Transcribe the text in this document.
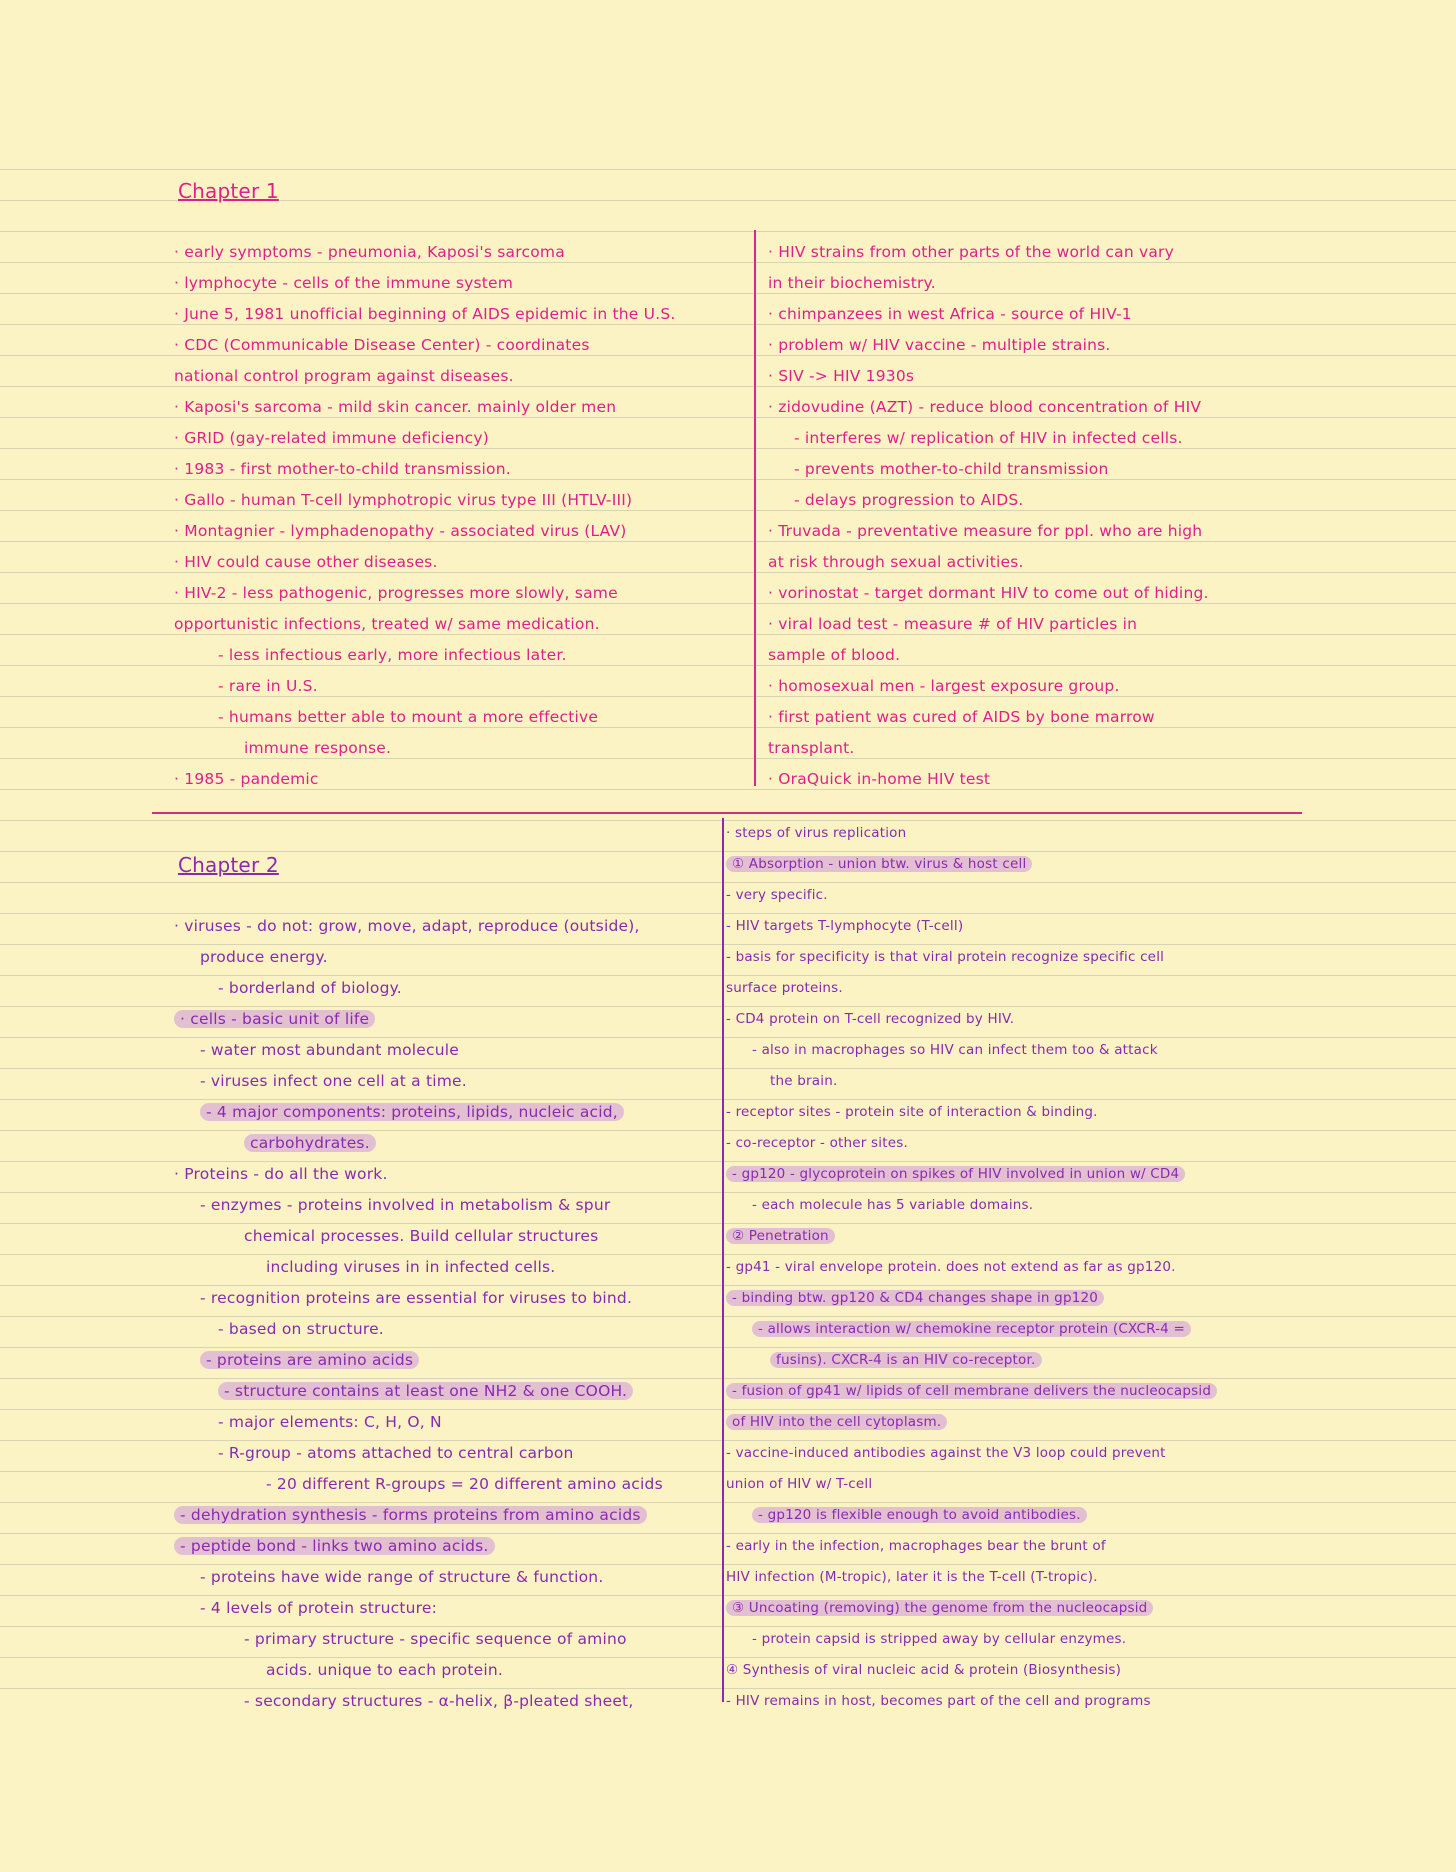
Chapter 1
· early symptoms - pneumonia, Kaposi's sarcoma
· lymphocyte - cells of the immune system
· June 5, 1981 unofficial beginning of AIDS epidemic in the U.S.
· CDC (Communicable Disease Center) - coordinates
national control program against diseases.
· Kaposi's sarcoma - mild skin cancer. mainly older men
· GRID (gay-related immune deficiency)
· 1983 - first mother-to-child transmission.
· Gallo - human T-cell lymphotropic virus type III (HTLV-III)
· Montagnier - lymphadenopathy - associated virus (LAV)
· HIV could cause other diseases.
· HIV-2 - less pathogenic, progresses more slowly, same
opportunistic infections, treated w/ same medication.
- less infectious early, more infectious later.
- rare in U.S.
- humans better able to mount a more effective
immune response.
· 1985 - pandemic
· HIV strains from other parts of the world can vary
in their biochemistry.
· chimpanzees in west Africa - source of HIV-1
· problem w/ HIV vaccine - multiple strains.
· SIV -> HIV 1930s
· zidovudine (AZT) - reduce blood concentration of HIV
- interferes w/ replication of HIV in infected cells.
- prevents mother-to-child transmission
- delays progression to AIDS.
· Truvada - preventative measure for ppl. who are high
at risk through sexual activities.
· vorinostat - target dormant HIV to come out of hiding.
· viral load test - measure # of HIV particles in
sample of blood.
· homosexual men - largest exposure group.
· first patient was cured of AIDS by bone marrow
transplant.
· OraQuick in-home HIV test
Chapter 2
· viruses - do not: grow, move, adapt, reproduce (outside),
produce energy.
- borderland of biology.
· cells - basic unit of life
- water most abundant molecule
- viruses infect one cell at a time.
- 4 major components: proteins, lipids, nucleic acid,
carbohydrates.
· Proteins - do all the work.
- enzymes - proteins involved in metabolism & spur
chemical processes. Build cellular structures
including viruses in in infected cells.
- recognition proteins are essential for viruses to bind.
- based on structure.
- proteins are amino acids
- structure contains at least one NH2 & one COOH.
- major elements: C, H, O, N
- R-group - atoms attached to central carbon
- 20 different R-groups = 20 different amino acids
- dehydration synthesis - forms proteins from amino acids
- peptide bond - links two amino acids.
- proteins have wide range of structure & function.
- 4 levels of protein structure:
- primary structure - specific sequence of amino
acids. unique to each protein.
- secondary structures - α-helix, β-pleated sheet,
· steps of virus replication
① Absorption - union btw. virus & host cell
- very specific.
- HIV targets T-lymphocyte (T-cell)
- basis for specificity is that viral protein recognize specific cell
surface proteins.
- CD4 protein on T-cell recognized by HIV.
- also in macrophages so HIV can infect them too & attack
the brain.
- receptor sites - protein site of interaction & binding.
- co-receptor - other sites.
- gp120 - glycoprotein on spikes of HIV involved in union w/ CD4
- each molecule has 5 variable domains.
② Penetration
- gp41 - viral envelope protein. does not extend as far as gp120.
- binding btw. gp120 & CD4 changes shape in gp120
- allows interaction w/ chemokine receptor protein (CXCR-4 =
fusins). CXCR-4 is an HIV co-receptor.
- fusion of gp41 w/ lipids of cell membrane delivers the nucleocapsid
of HIV into the cell cytoplasm.
- vaccine-induced antibodies against the V3 loop could prevent
union of HIV w/ T-cell
- gp120 is flexible enough to avoid antibodies.
- early in the infection, macrophages bear the brunt of
HIV infection (M-tropic), later it is the T-cell (T-tropic).
③ Uncoating (removing) the genome from the nucleocapsid
- protein capsid is stripped away by cellular enzymes.
④ Synthesis of viral nucleic acid & protein (Biosynthesis)
- HIV remains in host, becomes part of the cell and programs
